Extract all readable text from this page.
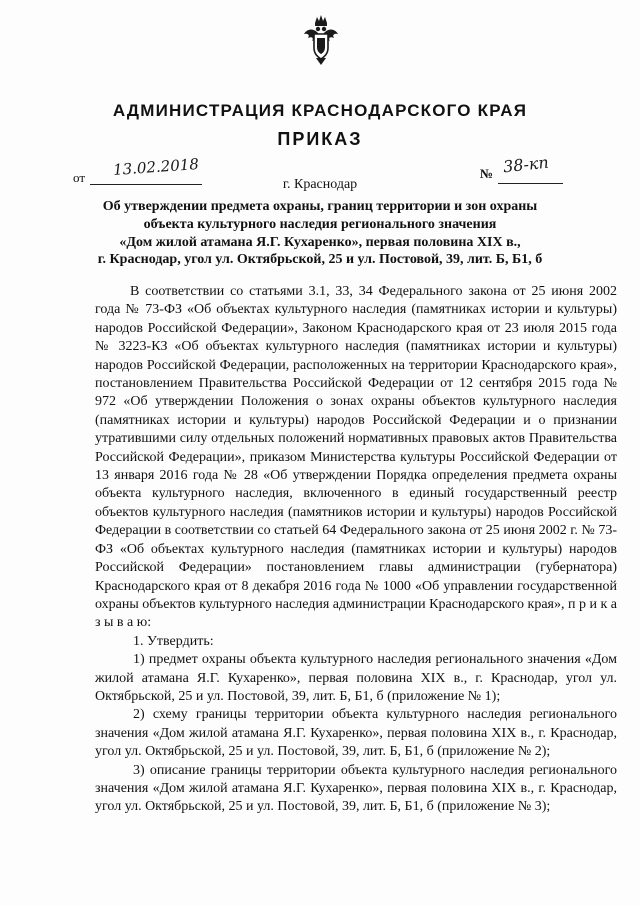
АДМИНИСТРАЦИЯ КРАСНОДАРСКОГО КРАЯ
ПРИКАЗ
от 13.02.2018	№ 38-кп
г. Краснодар
Об утверждении предмета охраны, границ территории и зон охраны
объекта культурного наследия регионального значения
«Дом жилой атамана Я.Г. Кухаренко», первая половина XIX в.,
г. Краснодар, угол ул. Октябрьской, 25 и ул. Постовой, 39, лит. Б, Б1, б

В соответствии со статьями 3.1, 33, 34 Федерального закона от 25 июня 2002 года № 73-ФЗ «Об объектах культурного наследия (памятниках истории и культуры) народов Российской Федерации», Законом Краснодарского края от 23 июля 2015 года № 3223-КЗ «Об объектах культурного наследия (памятниках истории и культуры) народов Российской Федерации, расположенных на территории Краснодарского края», постановлением Правительства Российской Федерации от 12 сентября 2015 года № 972 «Об утверждении Положения о зонах охраны объектов культурного наследия (памятниках истории и культуры) народов Российской Федерации и о признании утратившими силу отдельных положений нормативных правовых актов Правительства Российской Федерации», приказом Министерства культуры Российской Федерации от 13 января 2016 года № 28 «Об утверждении Порядка определения предмета охраны объекта культурного наследия, включенного в единый государственный реестр объектов культурного наследия (памятников истории и культуры) народов Российской Федерации в соответствии со статьей 64 Федерального закона от 25 июня 2002 г. № 73-ФЗ «Об объектах культурного наследия (памятниках истории и культуры) народов Российской Федерации» постановлением главы администрации (губернатора) Краснодарского края от 8 декабря 2016 года № 1000 «Об управлении государственной охраны объектов культурного наследия администрации Краснодарского края», п р и к а з ы в а ю:

1. Утвердить:

1) предмет охраны объекта культурного наследия регионального значения «Дом жилой атамана Я.Г. Кухаренко», первая половина XIX в., г. Краснодар, угол ул. Октябрьской, 25 и ул. Постовой, 39, лит. Б, Б1, б (приложение № 1);

2) схему границы территории объекта культурного наследия регионального значения «Дом жилой атамана Я.Г. Кухаренко», первая половина XIX в., г. Краснодар, угол ул. Октябрьской, 25 и ул. Постовой, 39, лит. Б, Б1, б (приложение № 2);

3) описание границы территории объекта культурного наследия регионального значения «Дом жилой атамана Я.Г. Кухаренко», первая половина XIX в., г. Краснодар, угол ул. Октябрьской, 25 и ул. Постовой, 39, лит. Б, Б1, б (приложение № 3);
